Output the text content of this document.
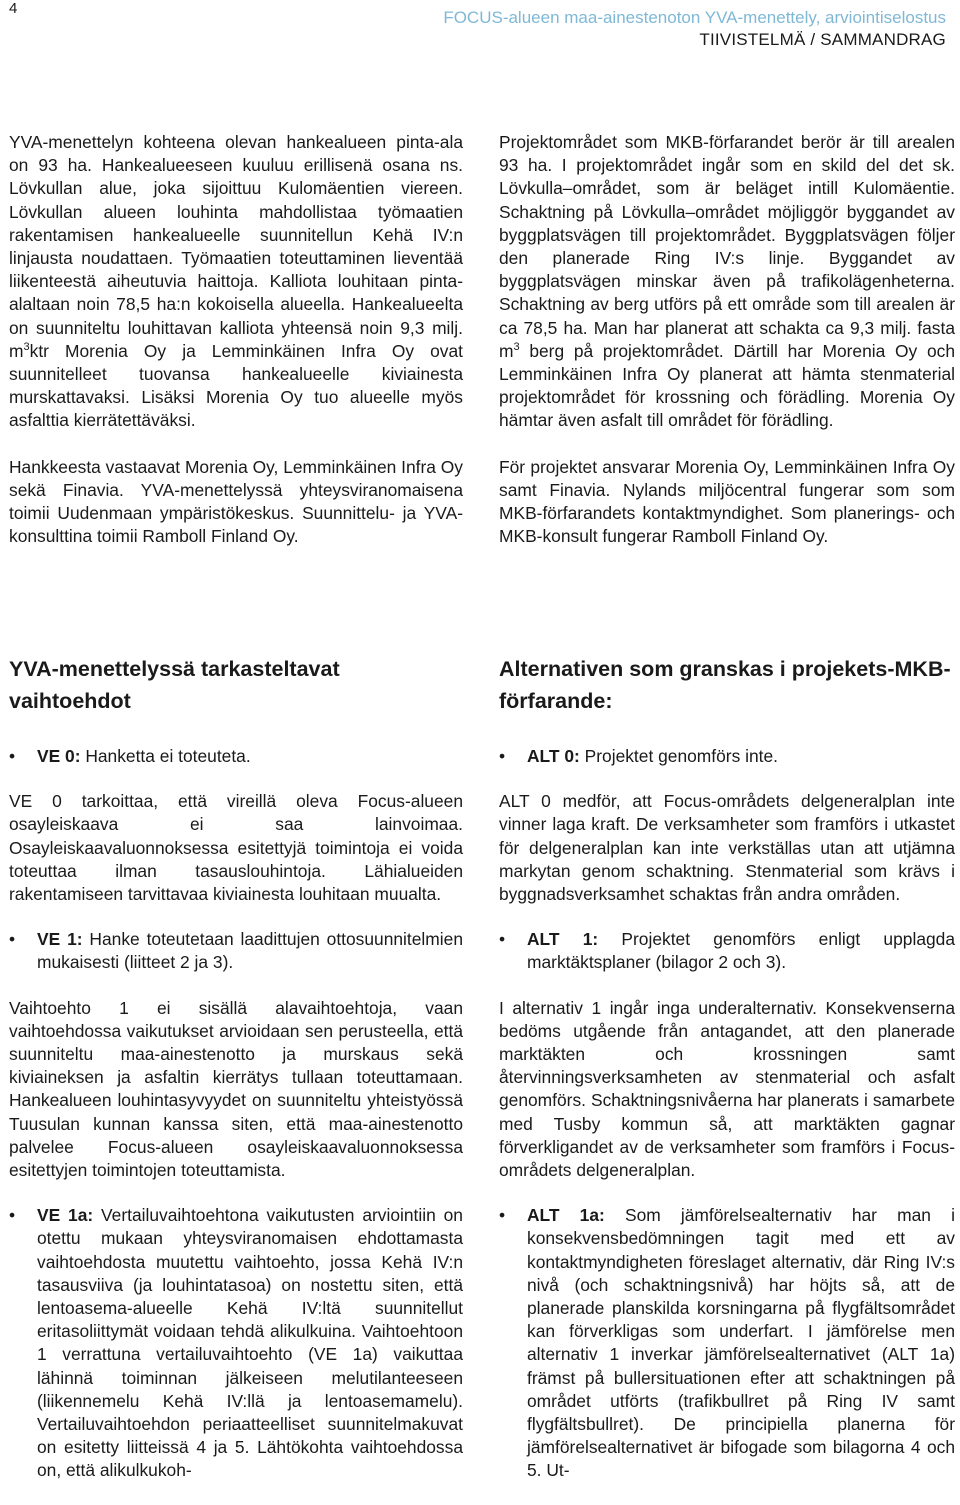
4	FOCUS-alueen maa-ainestenoton YVA-menettely, arviointiselostus
TIIVISTELMÄ / SAMMANDRAG

YVA-menettelyn kohteena olevan hankealueen pinta-ala on 93 ha. Hankealueeseen kuuluu erillisenä osana ns. Lövkullan alue, joka sijoittuu Kulomäentien viereen. Lövkullan alueen louhinta mahdollistaa työmaatien rakentamisen hankealueelle suunnitellun Kehä IV:n linjausta noudattaen. Työmaatien toteuttaminen lieventää liikenteestä aiheutuvia haittoja. Kalliota louhitaan pinta-alaltaan noin 78,5 ha:n kokoisella alueella. Hankealueelta on suunniteltu louhittavan kalliota yhteensä noin 9,3 milj. $m^3ktr$ Morenia Oy ja Lemminkäinen Infra Oy ovat suunnitelleet tuovansa hankealueelle kiviainesta murskattavaksi. Lisäksi Morenia Oy tuo alueelle myös asfalttia kierrätettäväksi.

Hankkeesta vastaavat Morenia Oy, Lemminkäinen Infra Oy sekä Finavia. YVA-menettelyssä yhteysviranomaisena toimii Uudenmaan ympäristökeskus. Suunnittelu- ja YVA-konsulttina toimii Ramboll Finland Oy.

Projektområdet som MKB-förfarandet berör är till arealen 93 ha. I projektområdet ingår som en skild del det sk. Lövkulla–området, som är beläget intill Kulomäentie. Schaktning på Lövkulla–området möjliggör byggandet av byggplatsvägen till projektområdet. Byggplatsvägen följer den planerade Ring IV:s linje. Byggandet av byggplatsvägen minskar även på trafikolägenheterna. Schaktning av berg utförs på ett område som till arealen är ca 78,5 ha. Man har planerat att schakta ca 9,3 milj. fasta $m^3$ berg på projektområdet. Därtill har Morenia Oy och Lemminkäinen Infra Oy planerat att hämta stenmaterial projektområdet för krossning och förädling. Morenia Oy hämtar även asfalt till området för förädling.

För projektet ansvarar Morenia Oy, Lemminkäinen Infra Oy samt Finavia. Nylands miljöcentral fungerar som som MKB-förfarandets kontaktmyndighet. Som planerings- och MKB-konsult fungerar Ramboll Finland Oy.

YVA-menettelyssä tarkasteltavat vaihtoehdot
Alternativen som granskas i projekets-MKB-förfarande:
•	VE 0: Hanketta ei toteuteta.

VE 0 tarkoittaa, että vireillä oleva Focus-alueen osayleiskaava ei saa lainvoimaa. Osayleiskaavaluonnoksessa esitettyjä toimintoja ei voida toteuttaa ilman tasauslouhintoja. Lähialueiden rakentamiseen tarvittavaa kiviainesta louhitaan muualta.

•	VE 1: Hanke toteutetaan laadittujen ottosuunnitelmien mukaisesti (liitteet 2 ja 3).

Vaihtoehto 1 ei sisällä alavaihtoehtoja, vaan vaihtoehdossa vaikutukset arvioidaan sen perusteella, että suunniteltu maa-ainestenotto ja murskaus sekä kiviaineksen ja asfaltin kierrätys tullaan toteuttamaan. Hankealueen louhintasyvyydet on suunniteltu yhteistyössä Tuusulan kunnan kanssa siten, että maa-ainestenotto palvelee Focus-alueen osayleiskaavaluonnoksessa esitettyjen toimintojen toteuttamista.

•	VE 1a: Vertailuvaihtoehtona vaikutusten arviointiin on otettu mukaan yhteysviranomaisen ehdottamasta vaihtoehdosta muutettu vaihtoehto, jossa Kehä IV:n tasausviiva (ja louhintatasoa) on nostettu siten, että lentoasema-alueelle Kehä IV:ltä suunnitellut eritasoliittymät voidaan tehdä alikulkuina. Vaihtoehtoon 1 verrattuna vertailuvaihtoehto (VE 1a) vaikuttaa lähinnä toiminnan jälkeiseen melutilanteeseen (liikennemelu Kehä IV:llä ja lentoasemamelu). Vertailuvaihtoehdon periaatteelliset suunnitelmakuvat on esitetty liitteissä 4 ja 5. Lähtökohta vaihtoehdossa on, että alikulkukoh-
•	ALT 0: Projektet genomförs inte.

ALT 0 medför, att Focus-områdets delgeneralplan inte vinner laga kraft. De verksamheter som framförs i utkastet för delgeneralplan kan inte verkställas utan att utjämna markytan genom schaktning. Stenmaterial som krävs i byggnadsverksamhet schaktas från andra områden.

•	ALT 1: Projektet genomförs enligt upplagda marktäktsplaner (bilagor 2 och 3).

I alternativ 1 ingår inga underalternativ. Konsekvenserna bedöms utgående från antagandet, att den planerade marktäkten och krossningen samt återvinningsverksamheten av stenmaterial och asfalt genomförs. Schaktningsnivåerna har planerats i samarbete med Tusby kommun så, att marktäkten gagnar förverkligandet av de verksamheter som framförs i Focus-områdets delgeneralplan.

•	ALT 1a: Som jämförelsealternativ har man i konsekvensbedömningen tagit med ett av kontaktmyndigheten föreslaget alternativ, där Ring IV:s nivå (och schaktningsnivå) har höjts så, att de planerade planskilda korsningarna på flygfältsområdet kan förverkligas som underfart. I jämförelse men alternativ 1 inverkar jämförelsealternativet (ALT 1a) främst på bullersituationen efter att schaktningen på området utförts (trafikbullret på Ring IV samt flygfältsbullret). De principiella planerna för jämförelsealternativet är bifogade som bilagorna 4 och 5. Ut-
